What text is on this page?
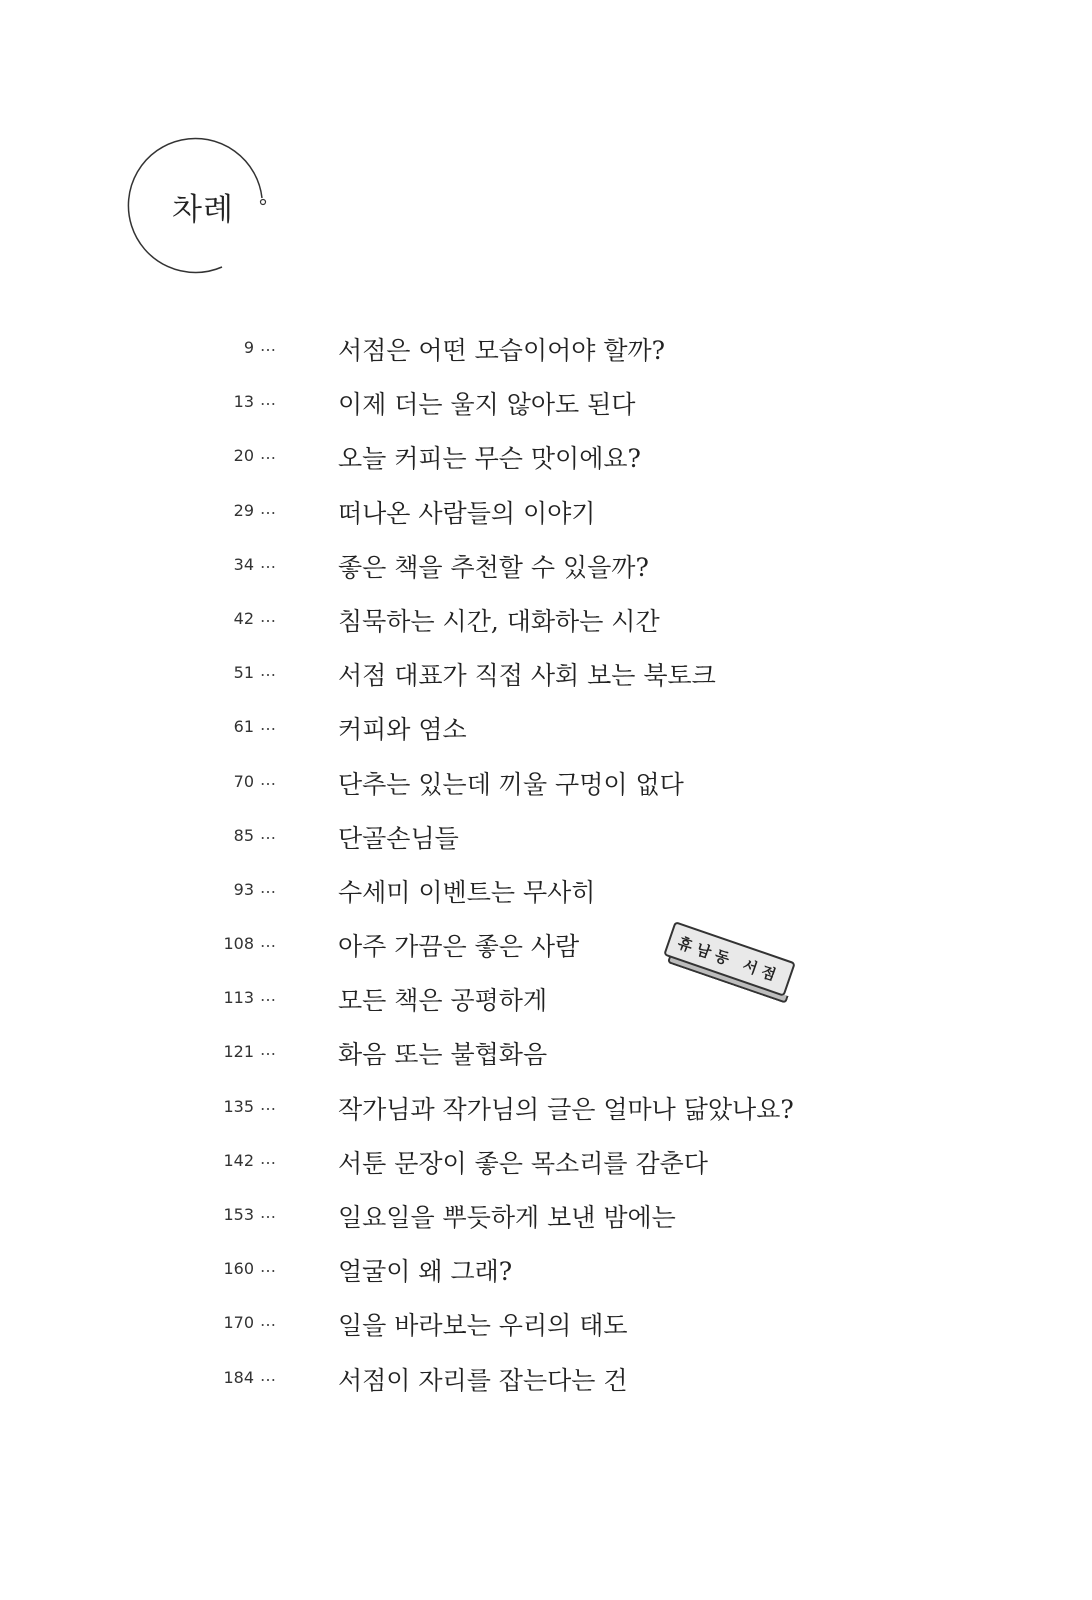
차례
9 … 서점은 어떤 모습이어야 할까?
13 … 이제 더는 울지 않아도 된다
20 … 오늘 커피는 무슨 맛이에요?
29 … 떠나온 사람들의 이야기
34 … 좋은 책을 추천할 수 있을까?
42 … 침묵하는 시간, 대화하는 시간
51 … 서점 대표가 직접 사회 보는 북토크
61 … 커피와 염소
70 … 단추는 있는데 끼울 구멍이 없다
85 … 단골손님들
93 … 수세미 이벤트는 무사히
108 … 아주 가끔은 좋은 사람
113 … 모든 책은 공평하게
121 … 화음 또는 불협화음
135 … 작가님과 작가님의 글은 얼마나 닮았나요?
142 … 서툰 문장이 좋은 목소리를 감춘다
153 … 일요일을 뿌듯하게 보낸 밤에는
160 … 얼굴이 왜 그래?
170 … 일을 바라보는 우리의 태도
184 … 서점이 자리를 잡는다는 건
휴남동 서점
